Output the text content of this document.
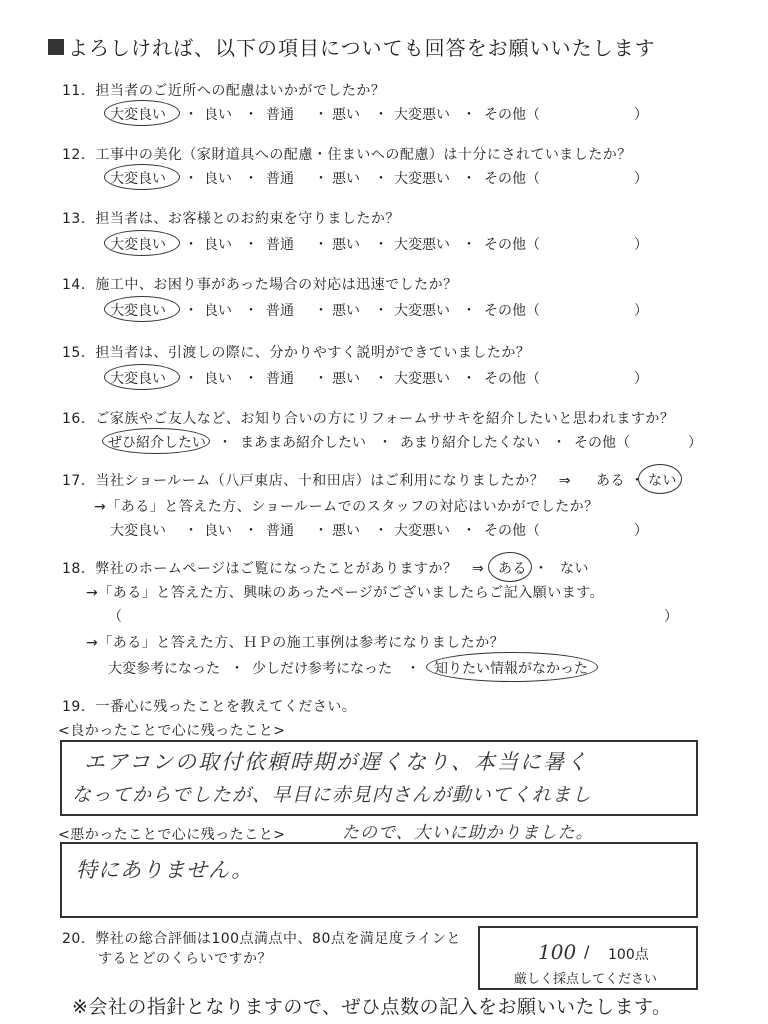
よろしければ、以下の項目についても回答をお願いいたします
11．担当者のご近所への配慮はいかがでしたか？
大変良い ・ 良い ・ 普通 ・ 悪い ・ 大変悪い ・ その他（	）
12．工事中の美化（家財道具への配慮・住まいへの配慮）は十分にされていましたか？
大変良い ・ 良い ・ 普通 ・ 悪い ・ 大変悪い ・ その他（	）
13．担当者は、お客様とのお約束を守りましたか？
大変良い ・ 良い ・ 普通 ・ 悪い ・ 大変悪い ・ その他（	）
14．施工中、お困り事があった場合の対応は迅速でしたか？
大変良い ・ 良い ・ 普通 ・ 悪い ・ 大変悪い ・ その他（	）
15．担当者は、引渡しの際に、分かりやすく説明ができていましたか？
大変良い ・ 良い ・ 普通 ・ 悪い ・ 大変悪い ・ その他（	）
16．ご家族やご友人など、お知り合いの方にリフォームササキを紹介したいと思われますか？
ぜひ紹介したい ・ まあまあ紹介したい ・ あまり紹介したくない ・ その他（	）
17．当社ショールーム（八戸東店、十和田店）はご利用になりましたか？　⇒ ある ・ ない
→「ある」と答えた方、ショールームでのスタッフの対応はいかがでしたか？
大変良い ・ 良い ・ 普通 ・ 悪い ・ 大変悪い ・ その他（	）
18．弊社のホームページはご覧になったことがありますか？　⇒ ある ・ ない
→「ある」と答えた方、興味のあったページがございましたらご記入願います。
（	）
→「ある」と答えた方、ＨＰの施工事例は参考になりましたか？
大変参考になった ・ 少しだけ参考になった ・ 知りたい情報がなかった
19．一番心に残ったことを教えてください。
<良かったことで心に残ったこと>
エアコンの取付依頼時期が遅くなり、本当に暑く
なってからでしたが、早目に赤見内さんが動いてくれまし
<悪かったことで心に残ったこと>	たので、大いに助かりました。
特にありません。
20．弊社の総合評価は100点満点中、80点を満足度ラインと
するとどのくらいですか？	100 / 100点
厳しく採点してください
※会社の指針となりますので、ぜひ点数の記入をお願いいたします。
